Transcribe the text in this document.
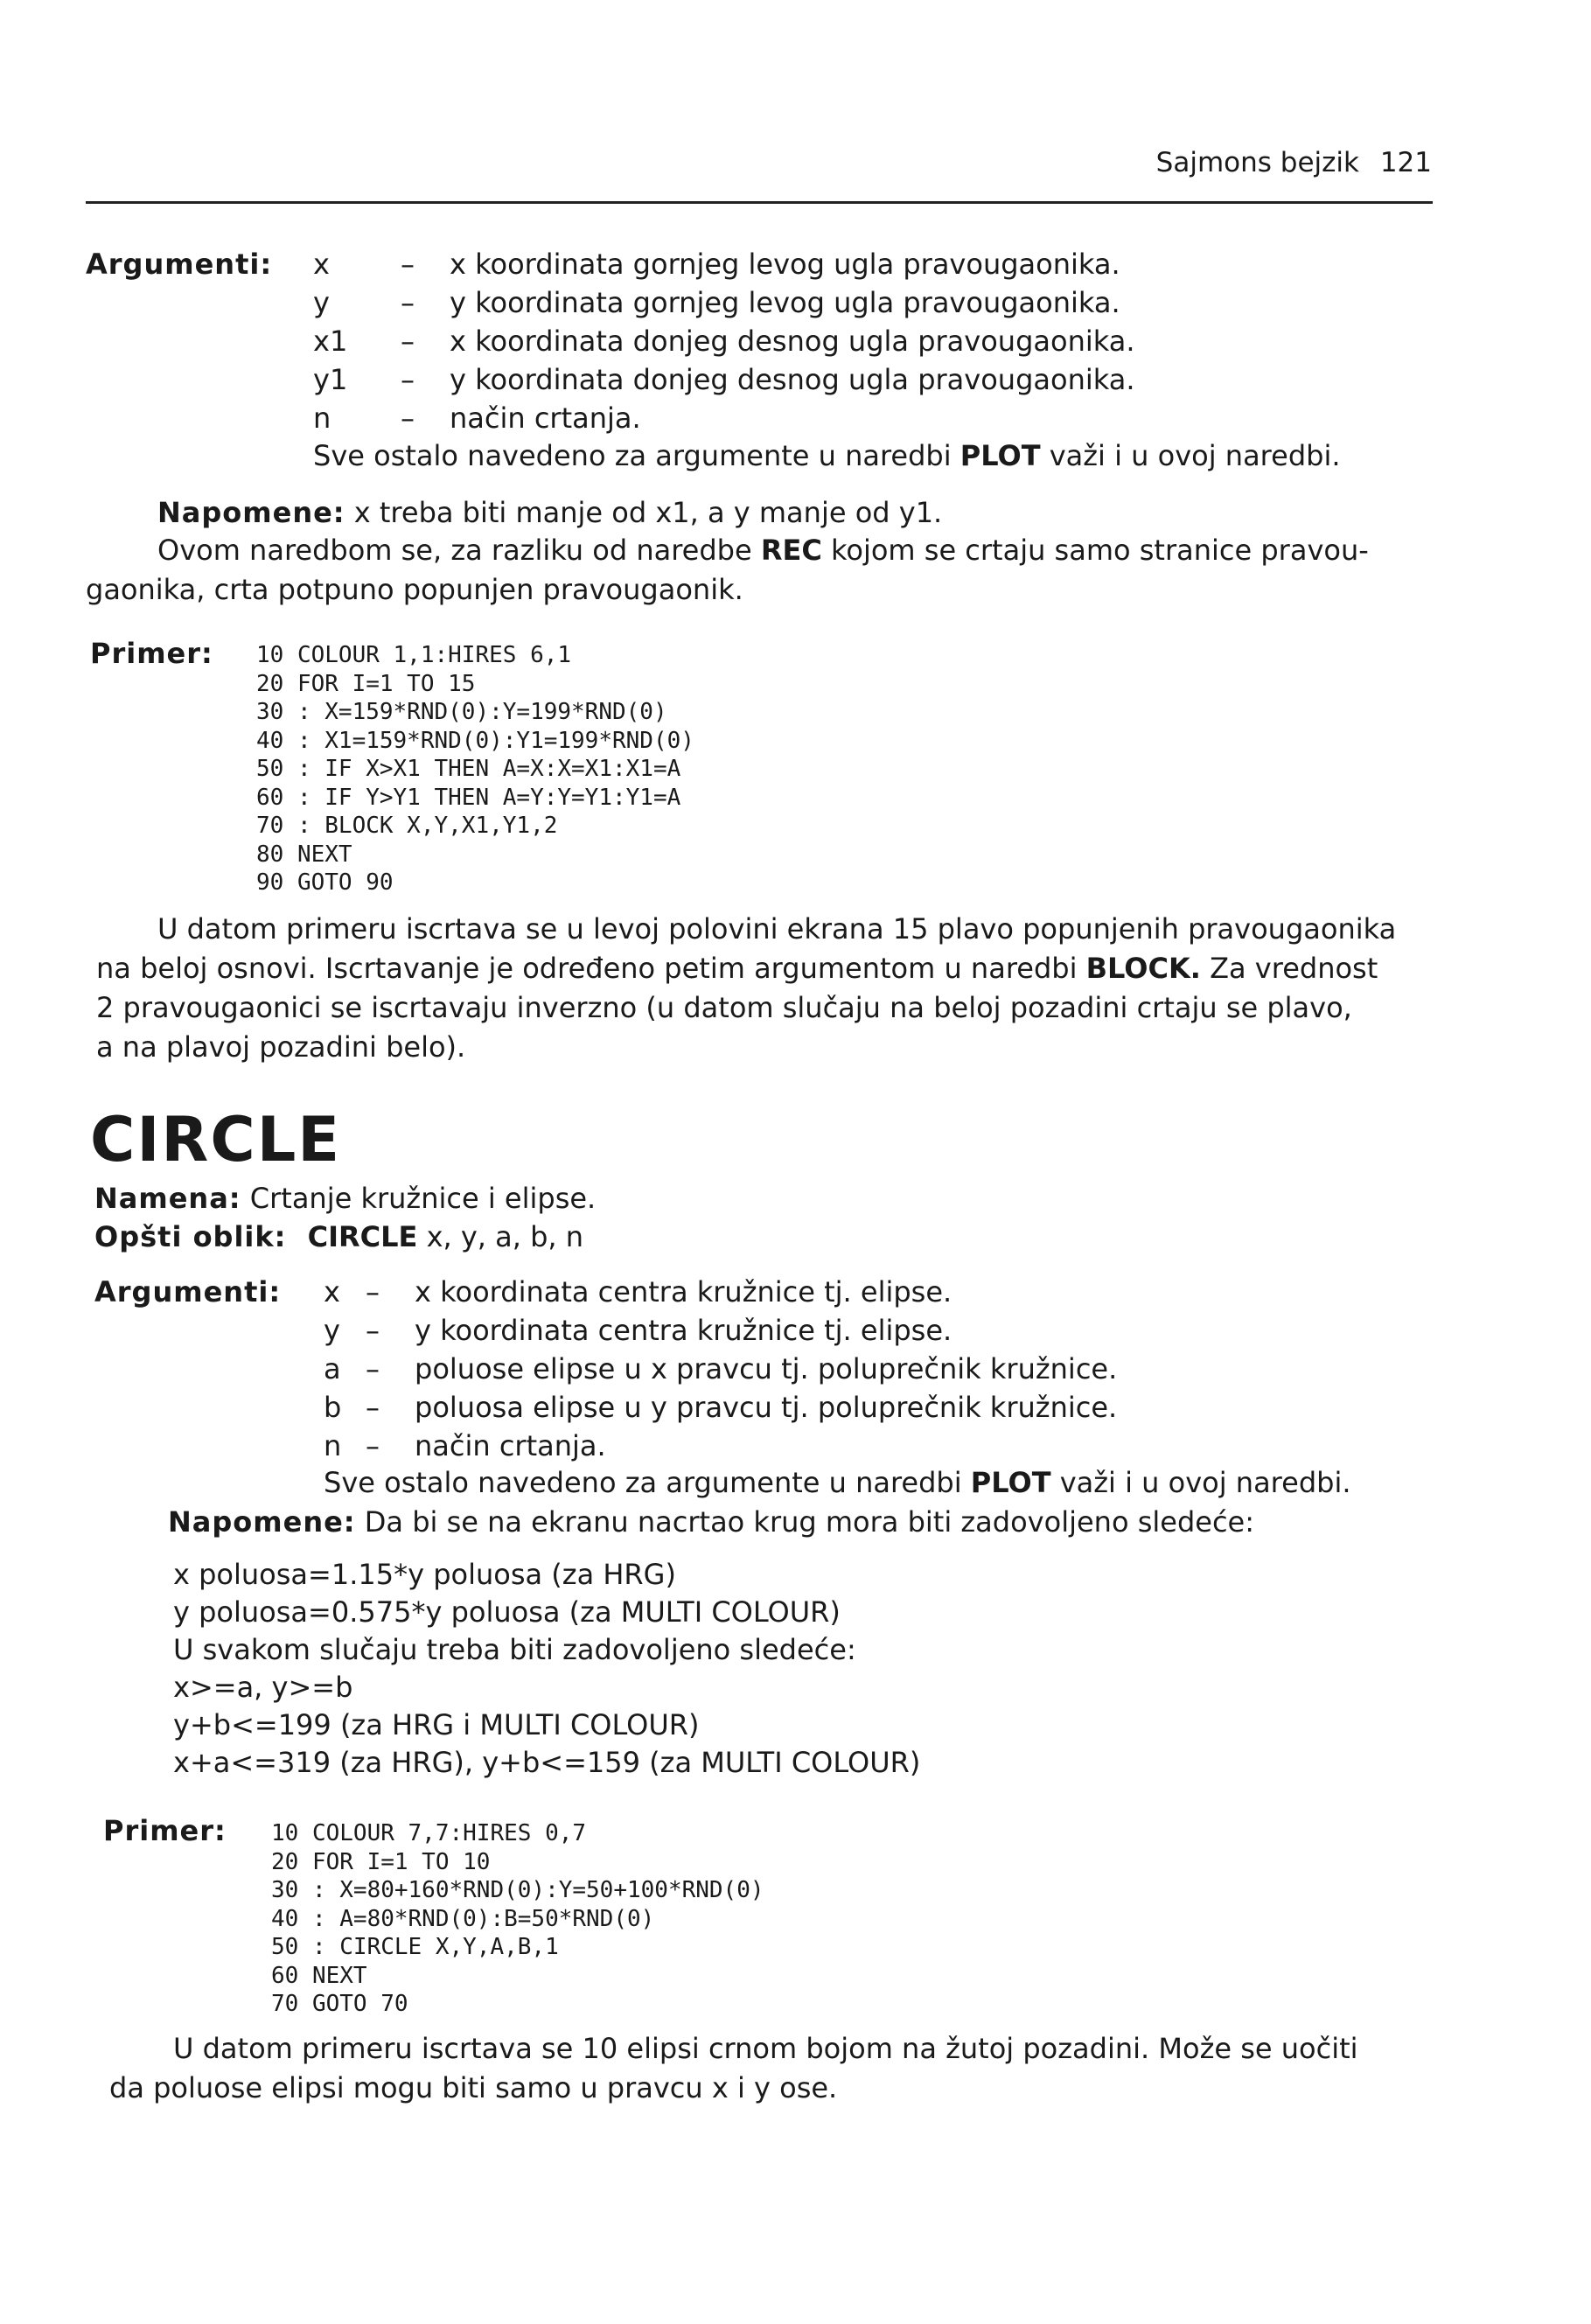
Sajmons bejzik 121
Argumenti: x	–	x koordinata gornjeg levog ugla pravougaonika.
y	–	y koordinata gornjeg levog ugla pravougaonika.
x1	–	x koordinata donjeg desnog ugla pravougaonika.
y1	–	y koordinata donjeg desnog ugla pravougaonika.
n	–	način crtanja.
Sve ostalo navedeno za argumente u naredbi PLOT važi i u ovoj naredbi.
Napomene: x treba biti manje od x1, a y manje od y1.
Ovom naredbom se, za razliku od naredbe REC kojom se crtaju samo stranice pravou-
gaonika, crta potpuno popunjen pravougaonik.
Primer: 10 COLOUR 1,1:HIRES 6,1
20 FOR I=1 TO 15
30 : X=159*RND(0):Y=199*RND(0)
40 : X1=159*RND(0):Y1=199*RND(0)
50 : IF X>X1 THEN A=X:X=X1:X1=A
60 : IF Y>Y1 THEN A=Y:Y=Y1:Y1=A
70 : BLOCK X,Y,X1,Y1,2
80 NEXT
90 GOTO 90
U datom primeru iscrtava se u levoj polovini ekrana 15 plavo popunjenih pravougaonika
na beloj osnovi. Iscrtavanje je određeno petim argumentom u naredbi BLOCK. Za vrednost
2 pravougaonici se iscrtavaju inverzno (u datom slučaju na beloj pozadini crtaju se plavo,
a na plavoj pozadini belo).
CIRCLE
Namena: Crtanje kružnice i elipse.
Opšti oblik: CIRCLE x, y, a, b, n
Argumenti: x	–	x koordinata centra kružnice tj. elipse.
y	–	y koordinata centra kružnice tj. elipse.
a	–	poluose elipse u x pravcu tj. poluprečnik kružnice.
b	–	poluosa elipse u y pravcu tj. poluprečnik kružnice.
n	–	način crtanja.
Sve ostalo navedeno za argumente u naredbi PLOT važi i u ovoj naredbi.
Napomene: Da bi se na ekranu nacrtao krug mora biti zadovoljeno sledeće:
x poluosa=1.15*y poluosa (za HRG)
y poluosa=0.575*y poluosa (za MULTI COLOUR)
U svakom slučaju treba biti zadovoljeno sledeće:
x>=a, y>=b
y+b<=199 (za HRG i MULTI COLOUR)
x+a<=319 (za HRG), y+b<=159 (za MULTI COLOUR)
Primer: 10 COLOUR 7,7:HIRES 0,7
20 FOR I=1 TO 10
30 : X=80+160*RND(0):Y=50+100*RND(0)
40 : A=80*RND(0):B=50*RND(0)
50 : CIRCLE X,Y,A,B,1
60 NEXT
70 GOTO 70
U datom primeru iscrtava se 10 elipsi crnom bojom na žutoj pozadini. Može se uočiti
da poluose elipsi mogu biti samo u pravcu x i y ose.
